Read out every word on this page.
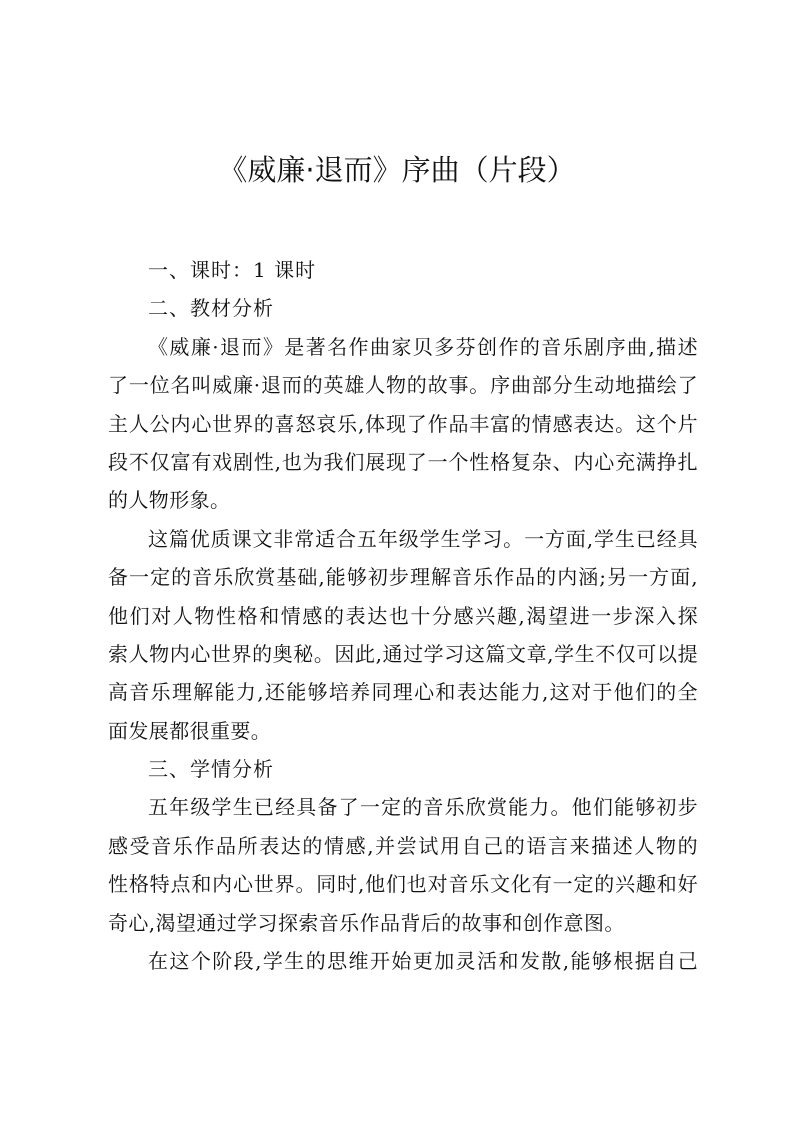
《威廉·退而》序曲（片段）
一、课时：1 课时
二、教材分析
《威廉·退而》是著名作曲家贝多芬创作的音乐剧序曲,描述
了一位名叫威廉·退而的英雄人物的故事。序曲部分生动地描绘了
主人公内心世界的喜怒哀乐,体现了作品丰富的情感表达。这个片
段不仅富有戏剧性,也为我们展现了一个性格复杂、内心充满挣扎
的人物形象。
这篇优质课文非常适合五年级学生学习。一方面,学生已经具
备一定的音乐欣赏基础,能够初步理解音乐作品的内涵;另一方面,
他们对人物性格和情感的表达也十分感兴趣,渴望进一步深入探
索人物内心世界的奥秘。因此,通过学习这篇文章,学生不仅可以提
高音乐理解能力,还能够培养同理心和表达能力,这对于他们的全
面发展都很重要。
三、学情分析
五年级学生已经具备了一定的音乐欣赏能力。他们能够初步
感受音乐作品所表达的情感,并尝试用自己的语言来描述人物的
性格特点和内心世界。同时,他们也对音乐文化有一定的兴趣和好
奇心,渴望通过学习探索音乐作品背后的故事和创作意图。
在这个阶段,学生的思维开始更加灵活和发散,能够根据自己
